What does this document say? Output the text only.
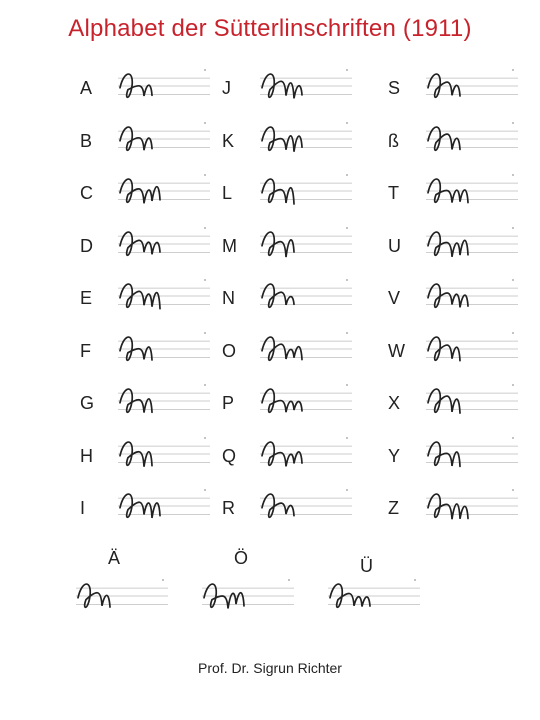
Alphabet der Sütterlinschriften (1911)
A
B
C
D
E
F
G
H
I
J
K
L
M
N
O
P
Q
R
S
ß
T
U
V
W
X
Y
Z
Ä	Ö	Ü
Prof. Dr. Sigrun Richter
